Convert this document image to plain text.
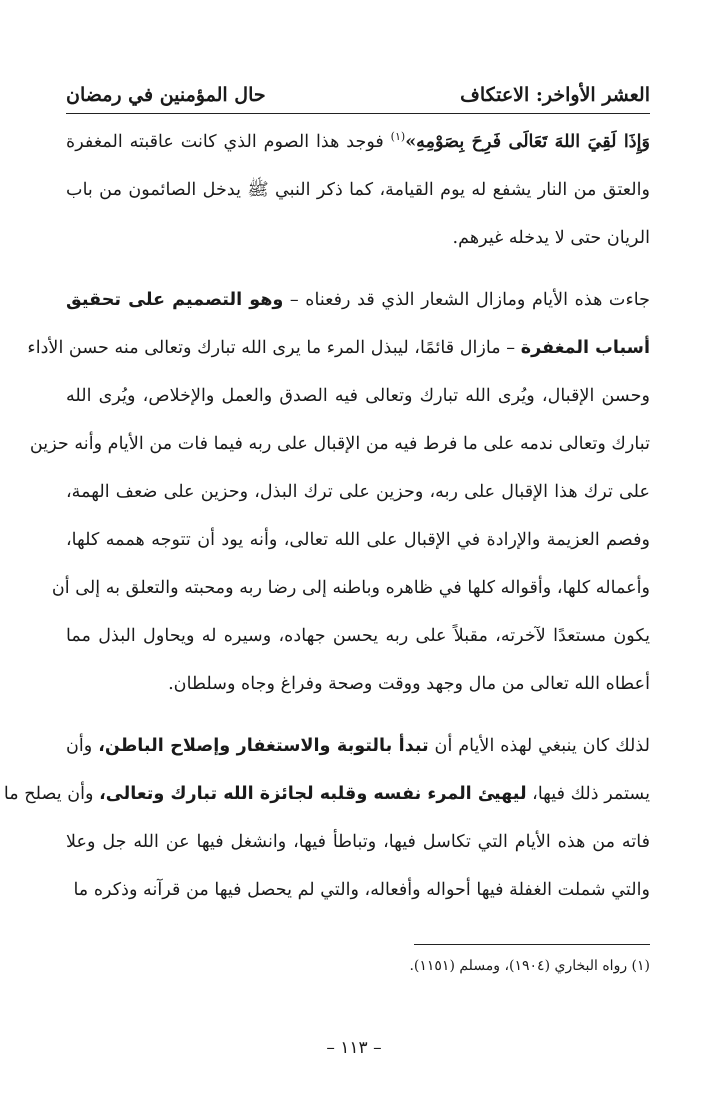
العشر الأواخر: الاعتكاف
حال المؤمنين في رمضان
وَإِذَا لَقِيَ اللهَ تَعَالَى فَرِحَ بِصَوْمِهِ»$^{(١)}$ فوجد هذا الصوم الذي كانت عاقبته المغفرة
والعتق من النار يشفع له يوم القيامة، كما ذكر النبي ﷺ يدخل الصائمون من باب
الريان حتى لا يدخله غيرهم.
جاءت هذه الأيام ومازال الشعار الذي قد رفعناه – وهو التصميم على تحقيق
أسباب المغفرة – مازال قائمًا، ليبذل المرء ما يرى الله تبارك وتعالى منه حسن الأداء
وحسن الإقبال، ويُرى الله تبارك وتعالى فيه الصدق والعمل والإخلاص، ويُرى الله
تبارك وتعالى ندمه على ما فرط فيه من الإقبال على ربه فيما فات من الأيام وأنه حزين
على ترك هذا الإقبال على ربه، وحزين على ترك البذل، وحزين على ضعف الهمة،
وفصم العزيمة والإرادة في الإقبال على الله تعالى، وأنه يود أن تتوجه هممه كلها،
وأعماله كلها، وأقواله كلها في ظاهره وباطنه إلى رضا ربه ومحبته والتعلق به إلى أن
يكون مستعدًا لآخرته، مقبلاً على ربه يحسن جهاده، وسيره له ويحاول البذل مما
أعطاه الله تعالى من مال وجهد ووقت وصحة وفراغ وجاه وسلطان.
لذلك كان ينبغي لهذه الأيام أن تبدأ بالتوبة والاستغفار وإصلاح الباطن، وأن
يستمر ذلك فيها، ليهيئ المرء نفسه وقلبه لجائزة الله تبارك وتعالى، وأن يصلح ما
فاته من هذه الأيام التي تكاسل فيها، وتباطأ فيها، وانشغل فيها عن الله جل وعلا
والتي شملت الغفلة فيها أحواله وأفعاله، والتي لم يحصل فيها من قرآنه وذكره ما
(١) رواه البخاري (١٩٠٤)، ومسلم (١١٥١).
– ١١٣ –
